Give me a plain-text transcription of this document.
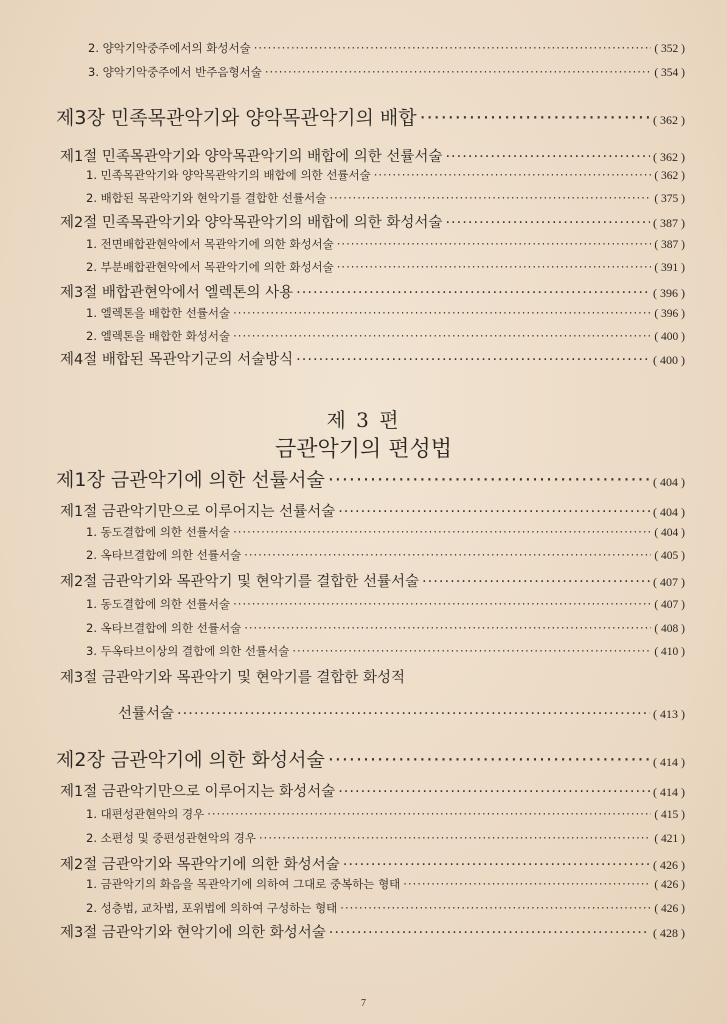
2. 양악기악중주에서의 화성서술 ·····	( 352 )
3. 양악기악중주에서 반주음형서술 ·····	( 354 )
제3장 민족목관악기와 양악목관악기의 배합 ·····	( 362 )
제1절 민족목관악기와 양악목관악기의 배합에 의한 선률서술 ·····	( 362 )
1. 민족목관악기와 양악목관악기의 배합에 의한 선률서술 ·····	( 362 )
2. 배합된 목관악기와 현악기를 결합한 선률서술 ·····	( 375 )
제2절 민족목관악기와 양악목관악기의 배합에 의한 화성서술 ·····	( 387 )
1. 전면배합관현악에서 목관악기에 의한 화성서술 ·····	( 387 )
2. 부분배합관현악에서 목관악기에 의한 화성서술 ·····	( 391 )
제3절 배합관현악에서 엘렉톤의 사용 ·····	( 396 )
1. 엘렉톤을 배합한 선률서술 ·····	( 396 )
2. 엘렉톤을 배합한 화성서술 ·····	( 400 )
제4절 배합된 목관악기군의 서술방식 ·····	( 400 )
제 3 편
금관악기의 편성법
제1장 금관악기에 의한 선률서술 ·····	( 404 )
제1절 금관악기만으로 이루어지는 선률서술 ·····	( 404 )
1. 동도결합에 의한 선률서술 ·····	( 404 )
2. 옥타브결합에 의한 선률서술 ·····	( 405 )
제2절 금관악기와 목관악기 및 현악기를 결합한 선률서술 ·····	( 407 )
1. 동도결합에 의한 선률서술 ·····	( 407 )
2. 옥타브결합에 의한 선률서술 ·····	( 408 )
3. 두옥타브이상의 결합에 의한 선률서술 ·····	( 410 )
제3절 금관악기와 목관악기 및 현악기를 결합한 화성적
선률서술 ·····	( 413 )
제2장 금관악기에 의한 화성서술 ·····	( 414 )
제1절 금관악기만으로 이루어지는 화성서술 ·····	( 414 )
1. 대편성관현악의 경우 ·····	( 415 )
2. 소편성 및 중편성관현악의 경우 ·····	( 421 )
제2절 금관악기와 목관악기에 의한 화성서술 ·····	( 426 )
1. 금관악기의 화음을 목관악기에 의하여 그대로 중복하는 형태 ·····	( 426 )
2. 성층법, 교차법, 포위법에 의하여 구성하는 형태 ·····	( 426 )
제3절 금관악기와 현악기에 의한 화성서술 ·····	( 428 )
7
